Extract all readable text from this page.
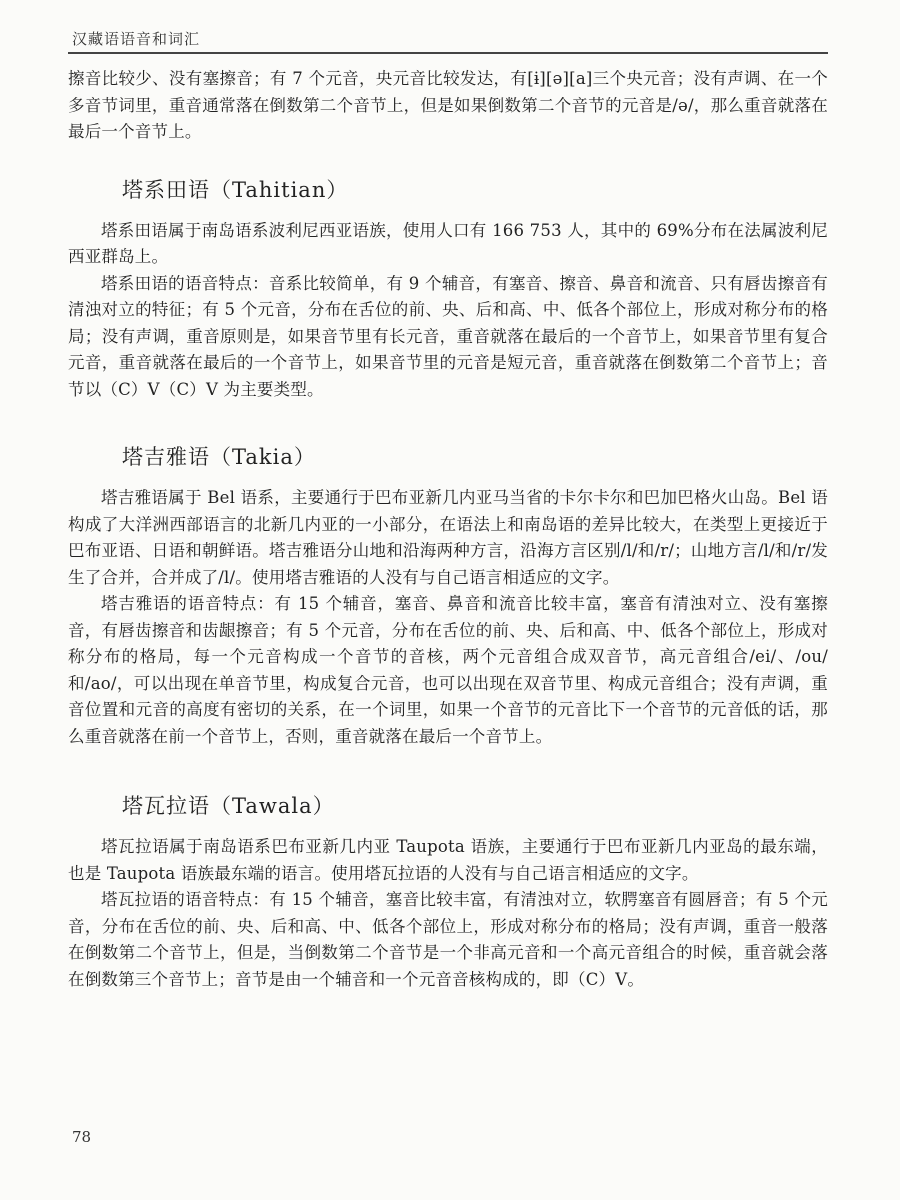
汉藏语语音和词汇

擦音比较少、没有塞擦音；有 7 个元音，央元音比较发达，有[ɨ][ə][a]三个央元音；没有声调、在一个多音节词里，重音通常落在倒数第二个音节上，但是如果倒数第二个音节的元音是/ə/，那么重音就落在最后一个音节上。

塔系田语（Tahitian）

塔系田语属于南岛语系波利尼西亚语族，使用人口有 166 753 人，其中的 69%分布在法属波利尼西亚群岛上。

塔系田语的语音特点：音系比较简单，有 9 个辅音，有塞音、擦音、鼻音和流音、只有唇齿擦音有清浊对立的特征；有 5 个元音，分布在舌位的前、央、后和高、中、低各个部位上，形成对称分布的格局；没有声调，重音原则是，如果音节里有长元音，重音就落在最后的一个音节上，如果音节里有复合元音，重音就落在最后的一个音节上，如果音节里的元音是短元音，重音就落在倒数第二个音节上；音节以（C）V（C）V 为主要类型。

塔吉雅语（Takia）

塔吉雅语属于 Bel 语系，主要通行于巴布亚新几内亚马当省的卡尔卡尔和巴加巴格火山岛。Bel 语构成了大洋洲西部语言的北新几内亚的一小部分，在语法上和南岛语的差异比较大，在类型上更接近于巴布亚语、日语和朝鲜语。塔吉雅语分山地和沿海两种方言，沿海方言区别/l/和/r/；山地方言/l/和/r/发生了合并，合并成了/l/。使用塔吉雅语的人没有与自己语言相适应的文字。

塔吉雅语的语音特点：有 15 个辅音，塞音、鼻音和流音比较丰富，塞音有清浊对立、没有塞擦音，有唇齿擦音和齿龈擦音；有 5 个元音，分布在舌位的前、央、后和高、中、低各个部位上，形成对称分布的格局，每一个元音构成一个音节的音核，两个元音组合成双音节，高元音组合/ei/、/ou/和/ao/，可以出现在单音节里，构成复合元音，也可以出现在双音节里、构成元音组合；没有声调，重音位置和元音的高度有密切的关系，在一个词里，如果一个音节的元音比下一个音节的元音低的话，那么重音就落在前一个音节上，否则，重音就落在最后一个音节上。

塔瓦拉语（Tawala）

塔瓦拉语属于南岛语系巴布亚新几内亚 Taupota 语族，主要通行于巴布亚新几内亚岛的最东端，也是 Taupota 语族最东端的语言。使用塔瓦拉语的人没有与自己语言相适应的文字。

塔瓦拉语的语音特点：有 15 个辅音，塞音比较丰富，有清浊对立，软腭塞音有圆唇音；有 5 个元音，分布在舌位的前、央、后和高、中、低各个部位上，形成对称分布的格局；没有声调，重音一般落在倒数第二个音节上，但是，当倒数第二个音节是一个非高元音和一个高元音组合的时候，重音就会落在倒数第三个音节上；音节是由一个辅音和一个元音音核构成的，即（C）V。

78
